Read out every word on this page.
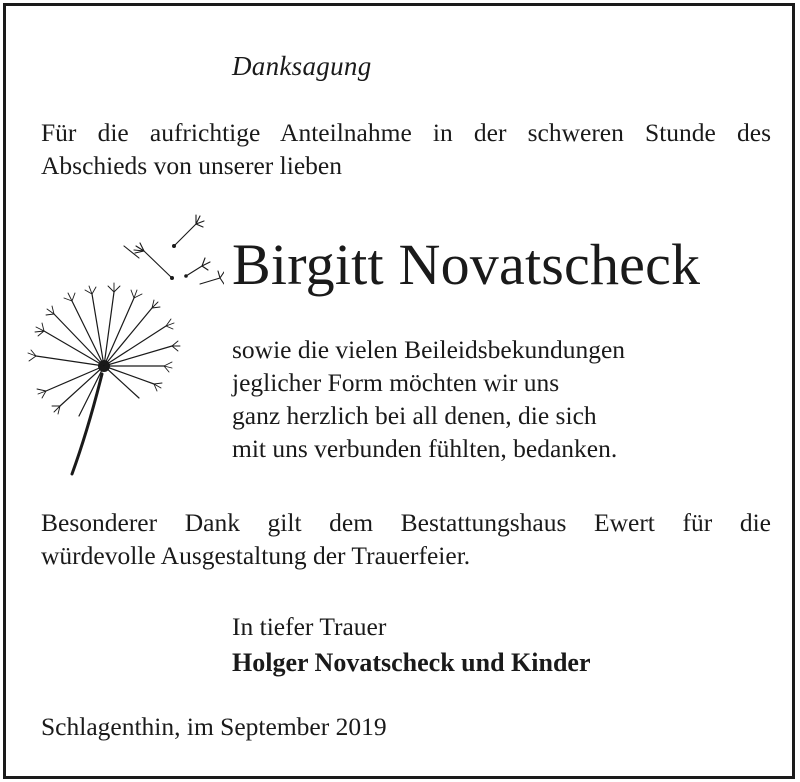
Danksagung

Für die aufrichtige Anteilnahme in der schweren Stunde des
Abschieds von unserer lieben

Birgitt Novatscheck

sowie die vielen Beileidsbekundungen
jeglicher Form möchten wir uns
ganz herzlich bei all denen, die sich
mit uns verbunden fühlten, bedanken.

Besonderer Dank gilt dem Bestattungshaus Ewert für die
würdevolle Ausgestaltung der Trauerfeier.

In tiefer Trauer

Holger Novatscheck und Kinder

Schlagenthin, im September 2019
